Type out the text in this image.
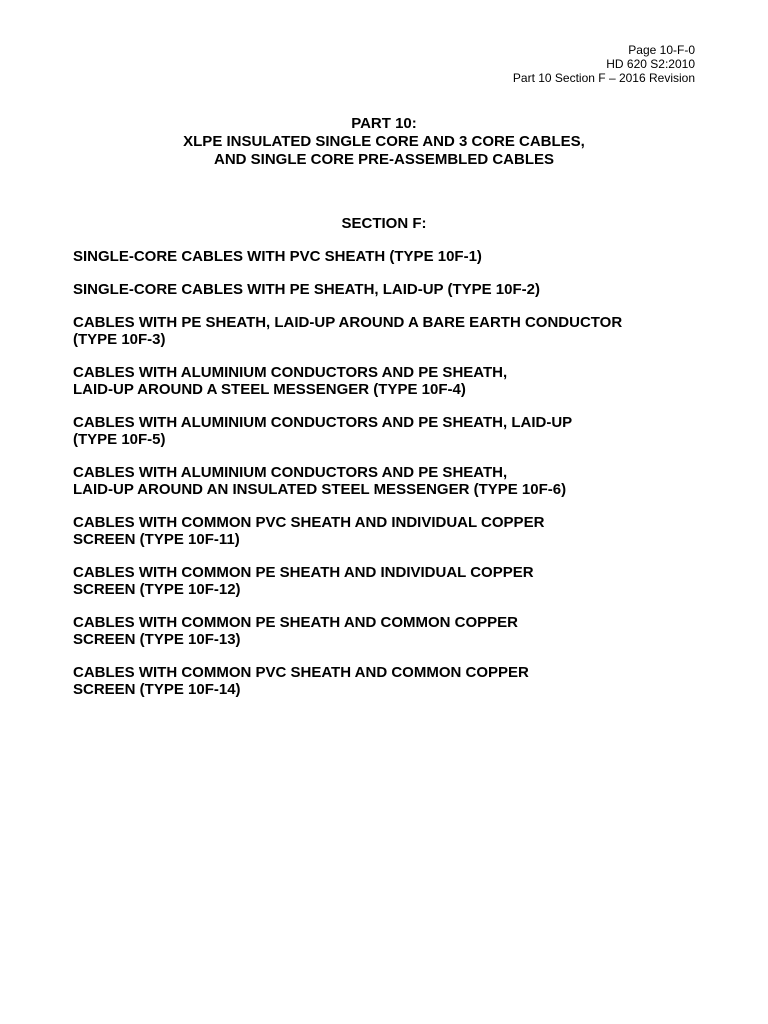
Page 10-F-0
HD 620 S2:2010
Part 10 Section F – 2016 Revision
PART 10:
XLPE INSULATED SINGLE CORE AND 3 CORE CABLES,
AND SINGLE CORE PRE-ASSEMBLED CABLES
SECTION F:
SINGLE-CORE CABLES WITH PVC SHEATH (TYPE 10F-1)
SINGLE-CORE CABLES WITH PE SHEATH, LAID-UP (TYPE 10F-2)
CABLES WITH PE SHEATH, LAID-UP AROUND A BARE EARTH CONDUCTOR
(TYPE 10F-3)
CABLES WITH ALUMINIUM CONDUCTORS AND PE SHEATH,
LAID-UP AROUND A STEEL MESSENGER (TYPE 10F-4)
CABLES WITH ALUMINIUM CONDUCTORS AND PE SHEATH, LAID-UP
(TYPE 10F-5)
CABLES WITH ALUMINIUM CONDUCTORS AND PE SHEATH,
LAID-UP AROUND AN INSULATED STEEL MESSENGER (TYPE 10F-6)
CABLES WITH COMMON PVC SHEATH AND INDIVIDUAL COPPER
SCREEN (TYPE 10F-11)
CABLES WITH COMMON PE SHEATH AND INDIVIDUAL COPPER
SCREEN (TYPE 10F-12)
CABLES WITH COMMON PE SHEATH AND COMMON COPPER
SCREEN (TYPE 10F-13)
CABLES WITH COMMON PVC SHEATH AND COMMON COPPER
SCREEN (TYPE 10F-14)
